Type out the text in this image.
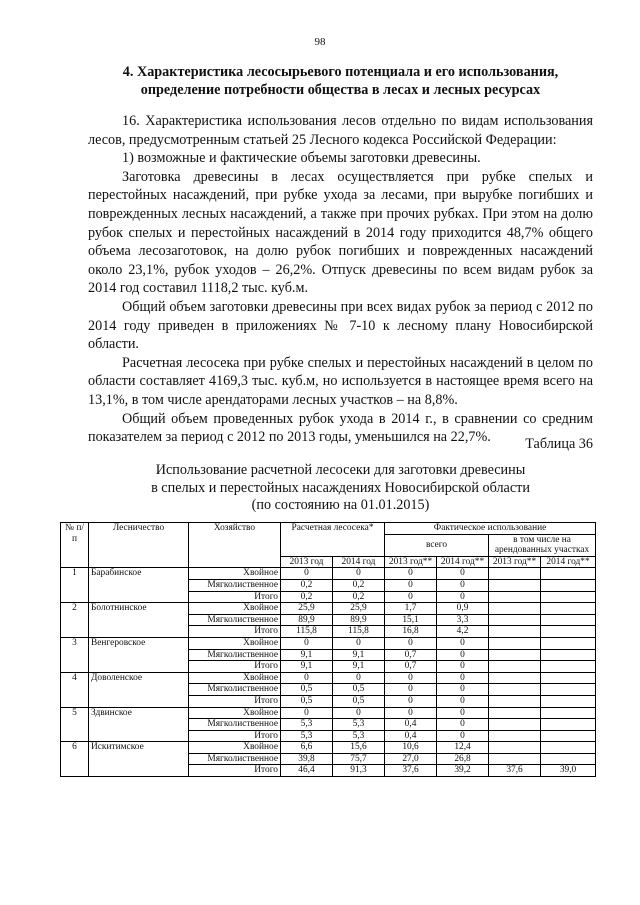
98
4. Характеристика лесосырьевого потенциала и его использования,
определение потребности общества в лесах и лесных ресурсах

16. Характеристика использования лесов отдельно по видам использования лесов, предусмотренным статьей 25 Лесного кодекса Российской Федерации:

1) возможные и фактические объемы заготовки древесины.

Заготовка древесины в лесах осуществляется при рубке спелых и перестойных насаждений, при рубке ухода за лесами, при вырубке погибших и поврежденных лесных насаждений, а также при прочих рубках. При этом на долю рубок спелых и перестойных насаждений в 2014 году приходится 48,7% общего объема лесозаготовок, на долю рубок погибших и поврежденных насаждений около 23,1%, рубок уходов – 26,2%. Отпуск древесины по всем видам рубок за 2014 год составил 1118,2 тыс. куб.м.

Общий объем заготовки древесины при всех видах рубок за период с 2012 по 2014 году приведен в приложениях № 7-10 к лесному плану Новосибирской области.

Расчетная лесосека при рубке спелых и перестойных насаждений в целом по области составляет 4169,3 тыс. куб.м, но используется в настоящее время всего на 13,1%, в том числе арендаторами лесных участков – на 8,8%.

Общий объем проведенных рубок ухода в 2014 г., в сравнении со средним показателем за период с 2012 по 2013 годы, уменьшился на 22,7%.	Таблица 36
Использование расчетной лесосеки для заготовки древесины
в спелых и перестойных насаждениях Новосибирской области
(по состоянию на 01.01.2015)
№ п/п	Лесничество	Хозяйство	Расчетная лесосека*		Фактическое использование			
					всего		в том числе на арендованных участках	
			2013 год	2014 год	2013 год**	2014 год**	2013 год**	2014 год**
1	Барабинское	Хвойное	0	0	0	0		
		Мягколиственное	0,2	0,2	0	0		
		Итого	0,2	0,2	0	0		
2	Болотнинское	Хвойное	25,9	25,9	1,7	0,9		
		Мягколиственное	89,9	89,9	15,1	3,3		
		Итого	115,8	115,8	16,8	4,2		
3	Венгеровское	Хвойное	0	0	0	0		
		Мягколиственное	9,1	9,1	0,7	0		
		Итого	9,1	9,1	0,7	0		
4	Доволенское	Хвойное	0	0	0	0		
		Мягколиственное	0,5	0,5	0	0		
		Итого	0,5	0,5	0	0		
5	Здвинское	Хвойное	0	0	0	0		
		Мягколиственное	5,3	5,3	0,4	0		
		Итого	5,3	5,3	0,4	0		
6	Искитимское	Хвойное	6,6	15,6	10,6	12,4		
		Мягколиственное	39,8	75,7	27,0	26,8		
		Итого	46,4	91,3	37,6	39,2	37,6	39,0
